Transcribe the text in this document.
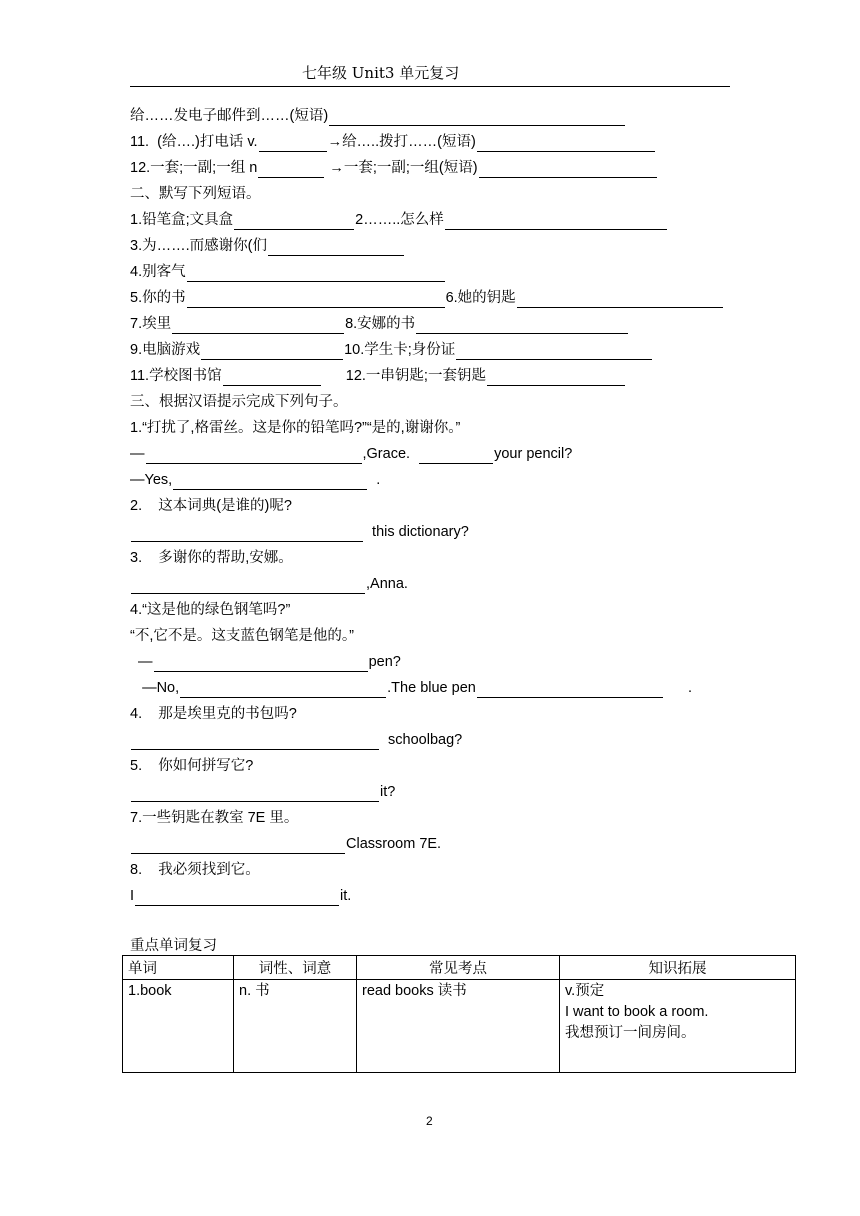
七年级 Unit3 单元复习
给……发电子邮件到……(短语)
11.  (给….)打电话 v.	→给…..拨打……(短语)
12.一套;一副;一组 n	→一套;一副;一组(短语)
二、默写下列短语。
1.铅笔盒;文具盒	2……..怎么样
3.为…….而感谢你(们
4.别客气
5.你的书	6.她的钥匙
7.埃里	8.安娜的书
9.电脑游戏	10.学生卡;身份证
11.学校图书馆	12.一串钥匙;一套钥匙
三、根据汉语提示完成下列句子。
1.“打扰了,格雷丝。这是你的铅笔吗?”“是的,谢谢你。”
—	,Grace.	your pencil?
—Yes,	.
2.    这本词典(是谁的)呢?
this dictionary?
3.    多谢你的帮助,安娜。
,Anna.
4.“这是他的绿色钢笔吗?”
“不,它不是。这支蓝色钢笔是他的。”
—	pen?
—No,	.The blue pen	.
4.    那是埃里克的书包吗?
schoolbag?
5.    你如何拼写它?
it?
7.一些钥匙在教室 7E 里。
Classroom 7E.
8.    我必须找到它。
I	it.
重点单词复习
单词	词性、词意	常见考点	知识拓展
1.book	n. 书	read books 读书	v.预定
I want to book a room.
我想预订一间房间。
2
